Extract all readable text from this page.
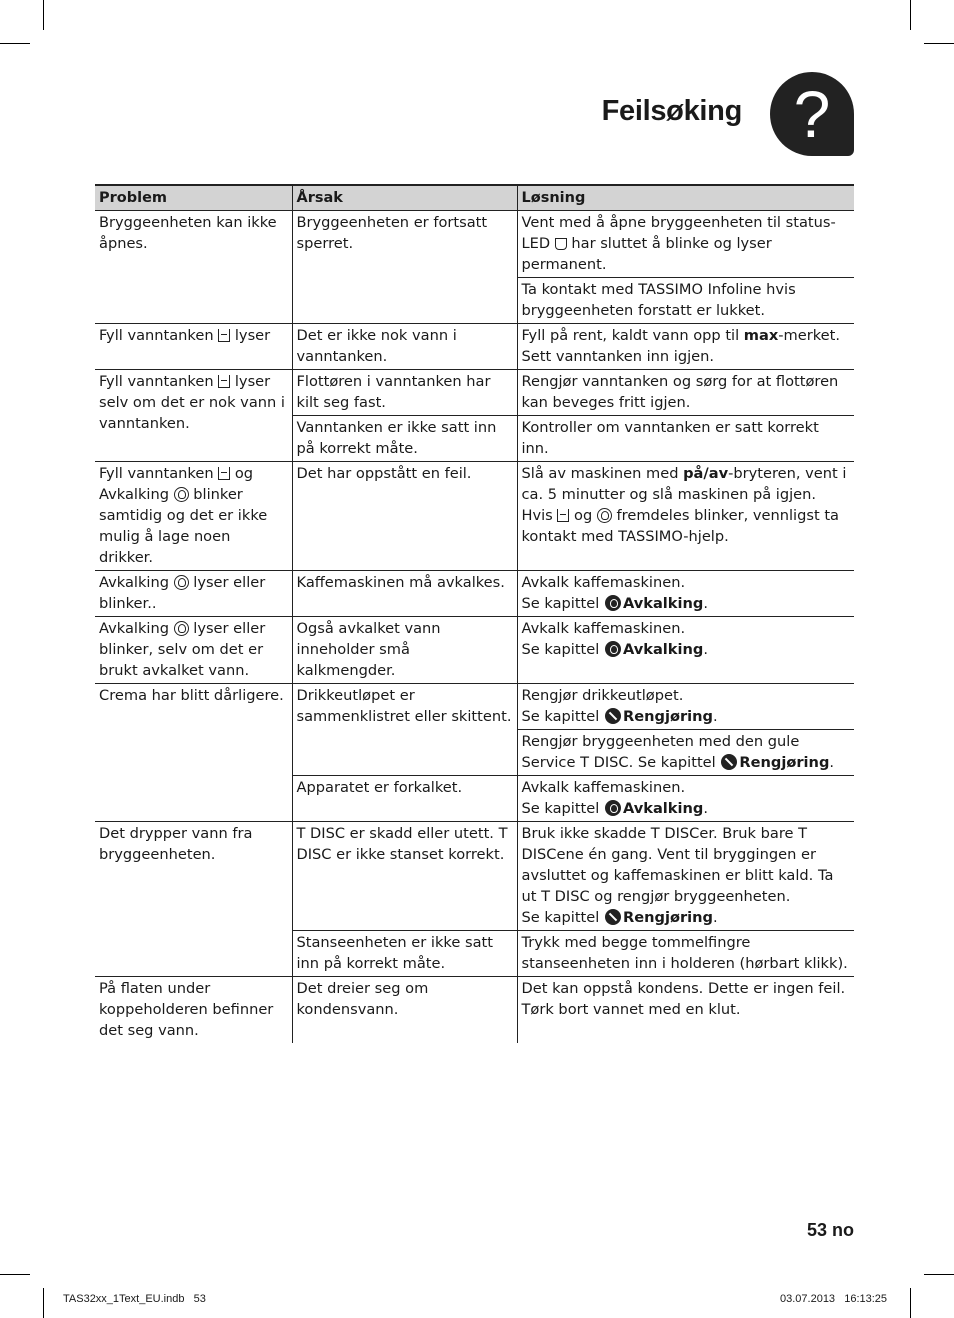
Feilsøking ?
Problem	Årsak	Løsning
Bryggeenheten kan ikke åpnes.	Bryggeenheten er fortsatt sperret.	Vent med å åpne bryggeenheten til status-LED  har sluttet å blinke og lyser permanent.
		Ta kontakt med TASSIMO Infoline hvis bryggeenheten forstatt er lukket.
Fyll vanntanken  lyser	Det er ikke nok vann i vanntanken.	Fyll på rent, kaldt vann opp til max-merket. Sett vanntanken inn igjen.
Fyll vanntanken  lyser selv om det er nok vann i vanntanken.	Flottøren i vanntanken har kilt seg fast.	Rengjør vanntanken og sørg for at flottøren kan beveges fritt igjen.
	Vanntanken er ikke satt inn på korrekt måte.	Kontroller om vanntanken er satt korrekt inn.
Fyll vanntanken  og Avkalking  blinker samtidig og det er ikke mulig å lage noen drikker.	Det har oppstått en feil.	Slå av maskinen med på/av-bryteren, vent i ca. 5 minutter og slå maskinen på igjen. Hvis  og  fremdeles blinker, vennligst ta kontakt med TASSIMO-hjelp.
Avkalking  lyser eller blinker..	Kaffemaskinen må avkalkes.	Avkalk kaffemaskinen.
Se kapittel Avkalking.
Avkalking  lyser eller blinker, selv om det er brukt avkalket vann.	Også avkalket vann inneholder små kalkmengder.	Avkalk kaffemaskinen.
Se kapittel Avkalking.
Crema har blitt dårligere.	Drikkeutløpet er sammenklistret eller skittent.	Rengjør drikkeutløpet.
Se kapittel Rengjøring.
		Rengjør bryggeenheten med den gule Service T DISC. Se kapittel Rengjøring.
	Apparatet er forkalket.	Avkalk kaffemaskinen.
Se kapittel Avkalking.
Det drypper vann fra bryggeenheten.	T DISC er skadd eller utett. T DISC er ikke stanset korrekt.	Bruk ikke skadde T DISCer. Bruk bare T DISCene én gang. Vent til bryggingen er avsluttet og kaffemaskinen er blitt kald. Ta ut T DISC og rengjør bryggeenheten.
Se kapittel Rengjøring.
	Stanseenheten er ikke satt inn på korrekt måte.	Trykk med begge tommelfingre stanseenheten inn i holderen (hørbart klikk).
På flaten under koppeholderen befinner det seg vann.	Det dreier seg om kondensvann.	Det kan oppstå kondens. Dette er ingen feil. Tørk bort vannet med en klut.
53 no
TAS32xx_1Text_EU.indb   53	03.07.2013   16:13:25
